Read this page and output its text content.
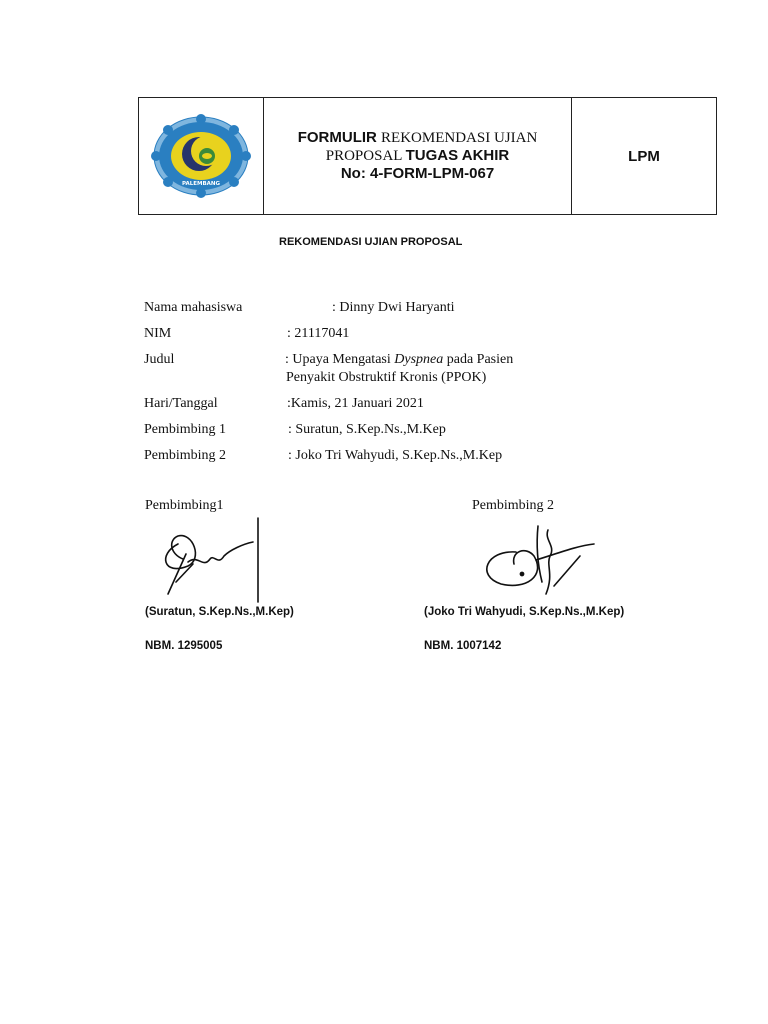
PALEMBANG
FORMULIR REKOMENDASI UJIAN
PROPOSAL TUGAS AKHIR
No: 4-FORM-LPM-067
LPM
REKOMENDASI UJIAN PROPOSAL
Nama mahasiswa	: Dinny Dwi Haryanti
NIM	: 21117041
Judul	: Upaya Mengatasi Dyspnea pada Pasien
Penyakit Obstruktif Kronis (PPOK)
Hari/Tanggal	:Kamis, 21 Januari 2021
Pembimbing 1	: Suratun, S.Kep.Ns.,M.Kep
Pembimbing 2	: Joko Tri Wahyudi, S.Kep.Ns.,M.Kep
Pembimbing1	Pembimbing 2
(Suratun, S.Kep.Ns.,M.Kep)	(Joko Tri Wahyudi, S.Kep.Ns.,M.Kep)
NBM. 1295005	NBM. 1007142
